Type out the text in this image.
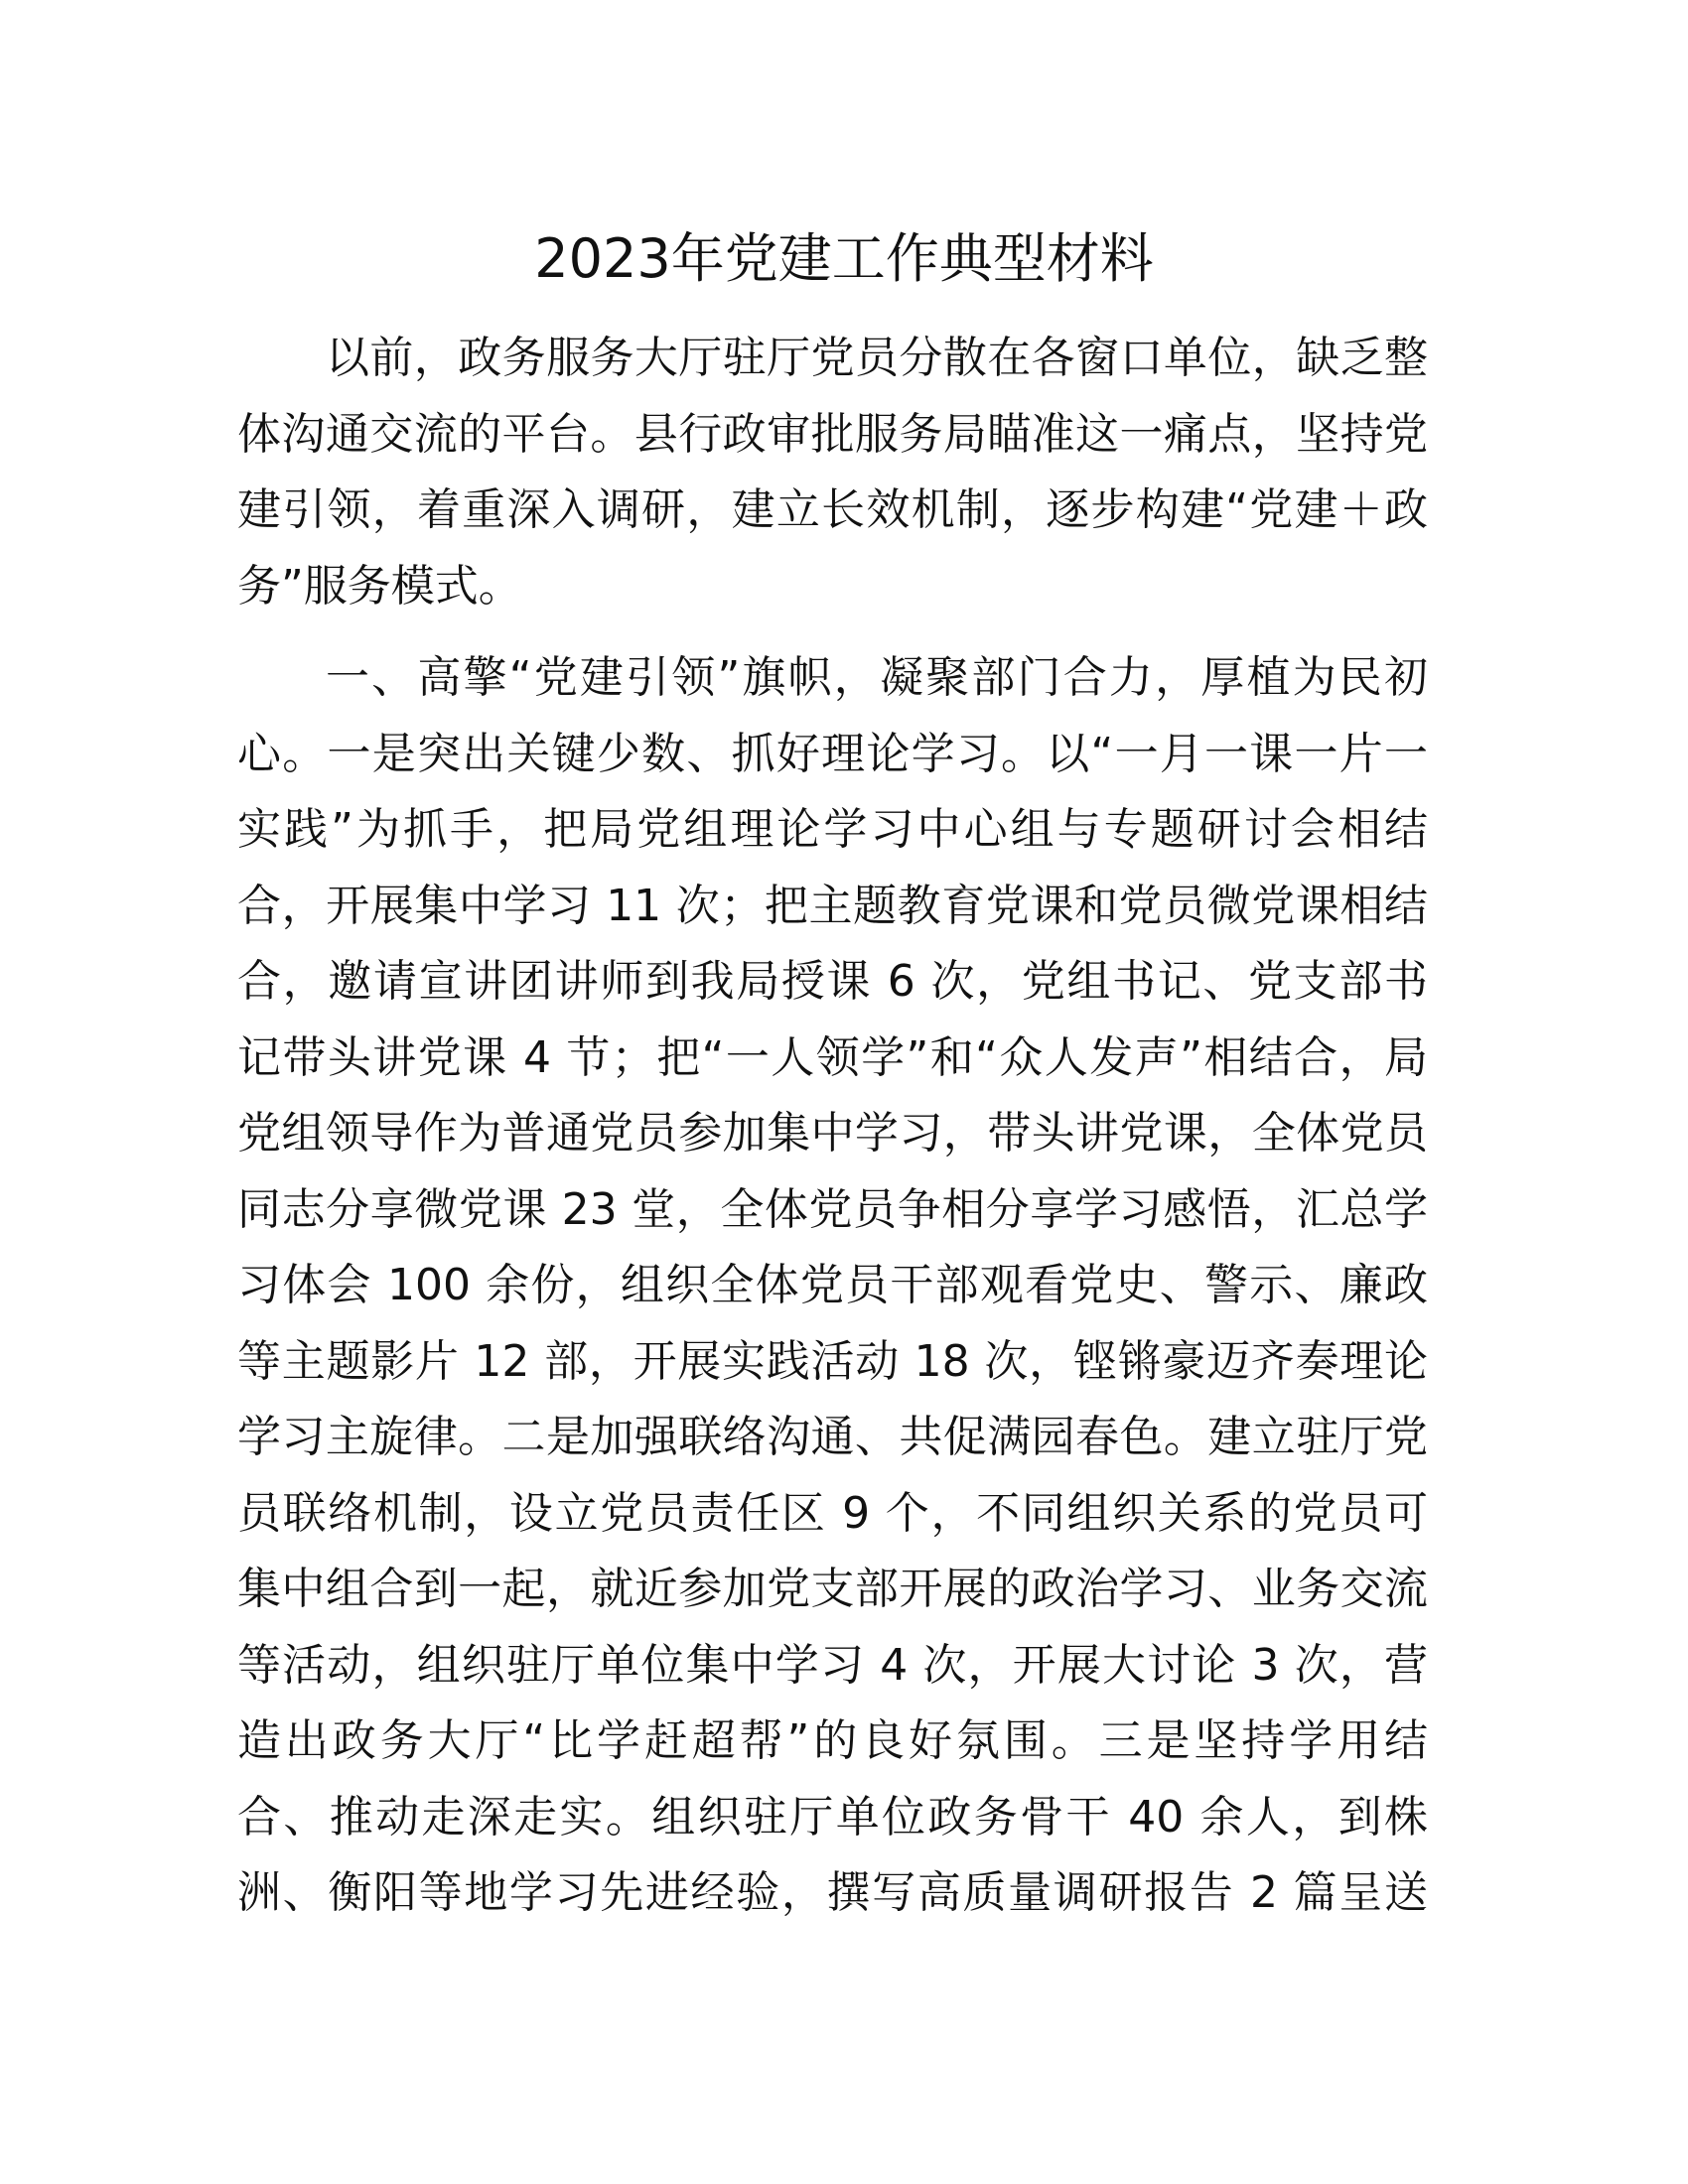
2023年党建工作典型材料
以前，政务服务大厅驻厅党员分散在各窗口单位，缺乏整
体沟通交流的平台。县行政审批服务局瞄准这一痛点，坚持党
建引领，着重深入调研，建立长效机制，逐步构建“党建＋政
务”服务模式。
一、高擎“党建引领”旗帜，凝聚部门合力，厚植为民初
心。一是突出关键少数、抓好理论学习。以“一月一课一片一
实践”为抓手，把局党组理论学习中心组与专题研讨会相结
合，开展集中学习 11 次；把主题教育党课和党员微党课相结
合，邀请宣讲团讲师到我局授课 6 次，党组书记、党支部书
记带头讲党课 4 节；把“一人领学”和“众人发声”相结合，局
党组领导作为普通党员参加集中学习，带头讲党课，全体党员
同志分享微党课 23 堂，全体党员争相分享学习感悟，汇总学
习体会 100 余份，组织全体党员干部观看党史、警示、廉政
等主题影片 12 部，开展实践活动 18 次，铿锵豪迈齐奏理论
学习主旋律。二是加强联络沟通、共促满园春色。建立驻厅党
员联络机制，设立党员责任区 9 个，不同组织关系的党员可
集中组合到一起，就近参加党支部开展的政治学习、业务交流
等活动，组织驻厅单位集中学习 4 次，开展大讨论 3 次，营
造出政务大厅“比学赶超帮”的良好氛围。三是坚持学用结
合、推动走深走实。组织驻厅单位政务骨干 40 余人，到株
洲、衡阳等地学习先进经验，撰写高质量调研报告 2 篇呈送
